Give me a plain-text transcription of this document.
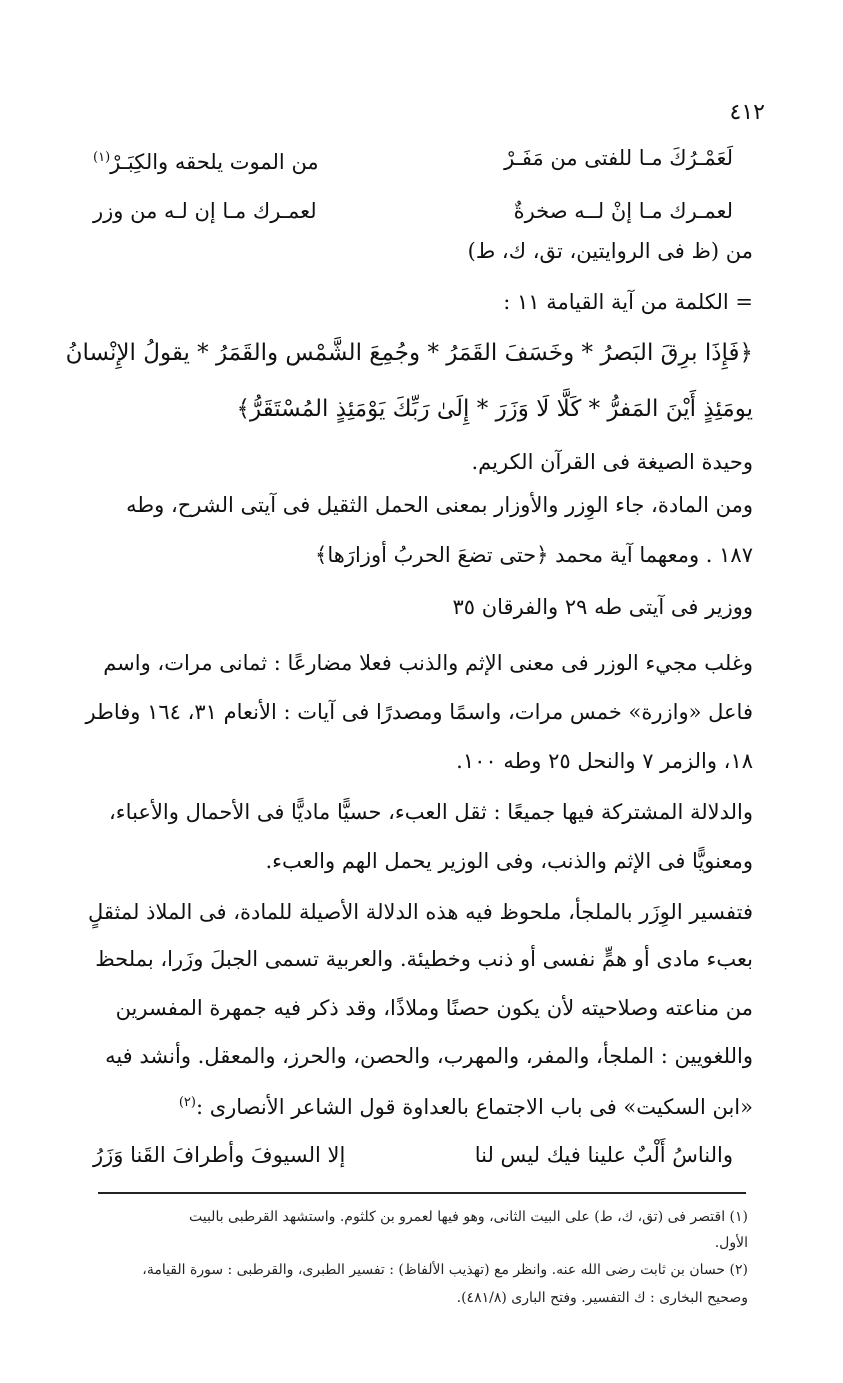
٤١٢
لَعَمْـرُكَ مـا للفتى من مَفَـرْ
من الموت يلحقه والكِبَـرْ$^{(١)}$
لعمـرك مـا إنْ لــه صخرةٌ
لعمـرك مـا إن لـه من وزر
من (ظ فى الروايتين، تق، ك، ط)
= الكلمة من آية القيامة ١١ :
﴿فَإِذَا برِقَ البَصرُ * وخَسَفَ القَمَرُ * وجُمِعَ الشَّمْس والقَمَرُ * يقولُ الإِنْسانُ
يومَئِذٍ أَيْنَ المَفرُّ * كَلَّا لَا وَزَرَ * إِلَىٰ رَبِّكَ يَوْمَئِذٍ المُسْتَقَرُّ﴾
وحيدة الصيغة فى القرآن الكريم.
ومن المادة، جاء الوِزر والأوزار بمعنى الحمل الثقيل فى آيتى الشرح، وطه
١٨٧ . ومعهما آية محمد ﴿حتى تضعَ الحربُ أوزارَها﴾
ووزير فى آيتى طه ٢٩ والفرقان ٣٥
وغلب مجيء الوزر فى معنى الإثم والذنب فعلا مضارعًا : ثمانى مرات، واسم
فاعل «وازرة» خمس مرات، واسمًا ومصدرًا فى آيات : الأنعام ٣١، ١٦٤ وفاطر
١٨، والزمر ٧ والنحل ٢٥ وطه ١٠٠.
والدلالة المشتركة فيها جميعًا : ثقل العبء، حسيًّا ماديًّا فى الأحمال والأعباء،
ومعنويًّا فى الإثم والذنب، وفى الوزير يحمل الهم والعبء.
فتفسير الوِزَر بالملجأ، ملحوظ فيه هذه الدلالة الأصيلة للمادة، فى الملاذ لمثقلٍ
بعبء مادى أو همٍّ نفسى أو ذنب وخطيئة. والعربية تسمى الجبلَ وزَرا، بملحظ
من مناعته وصلاحيته لأن يكون حصنًا وملاذًا، وقد ذكر فيه جمهرة المفسرين
واللغويين : الملجأ، والمفر، والمهرب، والحصن، والحرز، والمعقل. وأنشد فيه
«ابن السكيت» فى باب الاجتماع بالعداوة قول الشاعر الأنصارى :$^{(٢)}$
والناسُ أَلْبٌ علينا فيك ليس لنا
إلا السيوفَ وأطرافَ القَنا وَزَرُ
(١) اقتصر فى (تق، ك، ط) على البيت الثانى، وهو فيها لعمرو بن كلثوم. واستشهد القرطبى بالبيت
الأول.
(٢) حسان بن ثابت رضى الله عنه. وانظر مع (تهذيب الألفاظ) : تفسير الطبرى، والقرطبى : سورة القيامة،
وصحيح البخارى : ك التفسير. وفتح البارى (٤٨١/٨).
